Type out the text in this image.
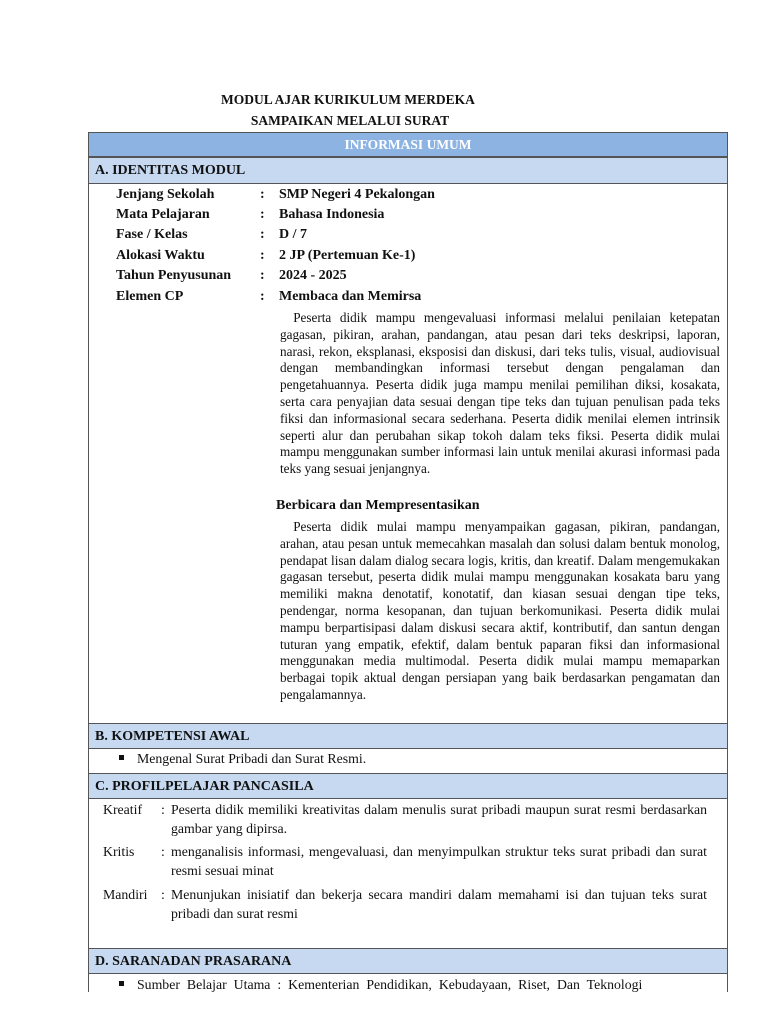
MODUL AJAR KURIKULUM MERDEKA
SAMPAIKAN MELALUI SURAT
INFORMASI UMUM
A. IDENTITAS MODUL
Jenjang Sekolah	: SMP Negeri 4 Pekalongan
Mata Pelajaran	: Bahasa Indonesia
Fase / Kelas	: D / 7
Alokasi Waktu	: 2 JP (Pertemuan Ke-1)
Tahun Penyusunan	: 2024 - 2025
Elemen CP	: Membaca dan Memirsa

 Peserta didik mampu mengevaluasi informasi melalui penilaian ketepatan gagasan, pikiran, arahan, pandangan, atau pesan dari teks deskripsi, laporan, narasi, rekon, eksplanasi, eksposisi dan diskusi, dari teks tulis, visual, audiovisual dengan membandingkan informasi tersebut dengan pengalaman dan pengetahuannya. Peserta didik juga mampu menilai pemilihan diksi, kosakata, serta cara penyajian data sesuai dengan tipe teks dan tujuan penulisan pada teks fiksi dan informasional secara sederhana. Peserta didik menilai elemen intrinsik seperti alur dan perubahan sikap tokoh dalam teks fiksi. Peserta didik mulai mampu menggunakan sumber informasi lain untuk menilai akurasi informasi pada teks yang sesuai jenjangnya.

Berbicara dan Mempresentasikan

 Peserta didik mulai mampu menyampaikan gagasan, pikiran, pandangan, arahan, atau pesan untuk memecahkan masalah dan solusi dalam bentuk monolog, pendapat lisan dalam dialog secara logis, kritis, dan kreatif. Dalam mengemukakan gagasan tersebut, peserta didik mulai mampu menggunakan kosakata baru yang memiliki makna denotatif, konotatif, dan kiasan sesuai dengan tipe teks, pendengar, norma kesopanan, dan tujuan berkomunikasi. Peserta didik mulai mampu berpartisipasi dalam diskusi secara aktif, kontributif, dan santun dengan tuturan yang empatik, efektif, dalam bentuk paparan fiksi dan informasional menggunakan media multimodal. Peserta didik mulai mampu memaparkan berbagai topik aktual dengan persiapan yang baik berdasarkan pengamatan dan pengalamannya.

B. KOMPETENSI AWAL
Mengenal Surat Pribadi dan Surat Resmi.
C. PROFILPELAJAR PANCASILA
Kreatif : Peserta didik memiliki kreativitas dalam menulis surat pribadi maupun surat resmi berdasarkan gambar yang dipirsa.
Kritis : menganalisis informasi, mengevaluasi, dan menyimpulkan struktur teks surat pribadi dan surat resmi sesuai minat
Mandiri : Menunjukan inisiatif dan bekerja secara mandiri dalam memahami isi dan tujuan teks surat pribadi dan surat resmi
D. SARANADAN PRASARANA
Sumber Belajar Utama : Kementerian Pendidikan, Kebudayaan, Riset, Dan Teknologi
